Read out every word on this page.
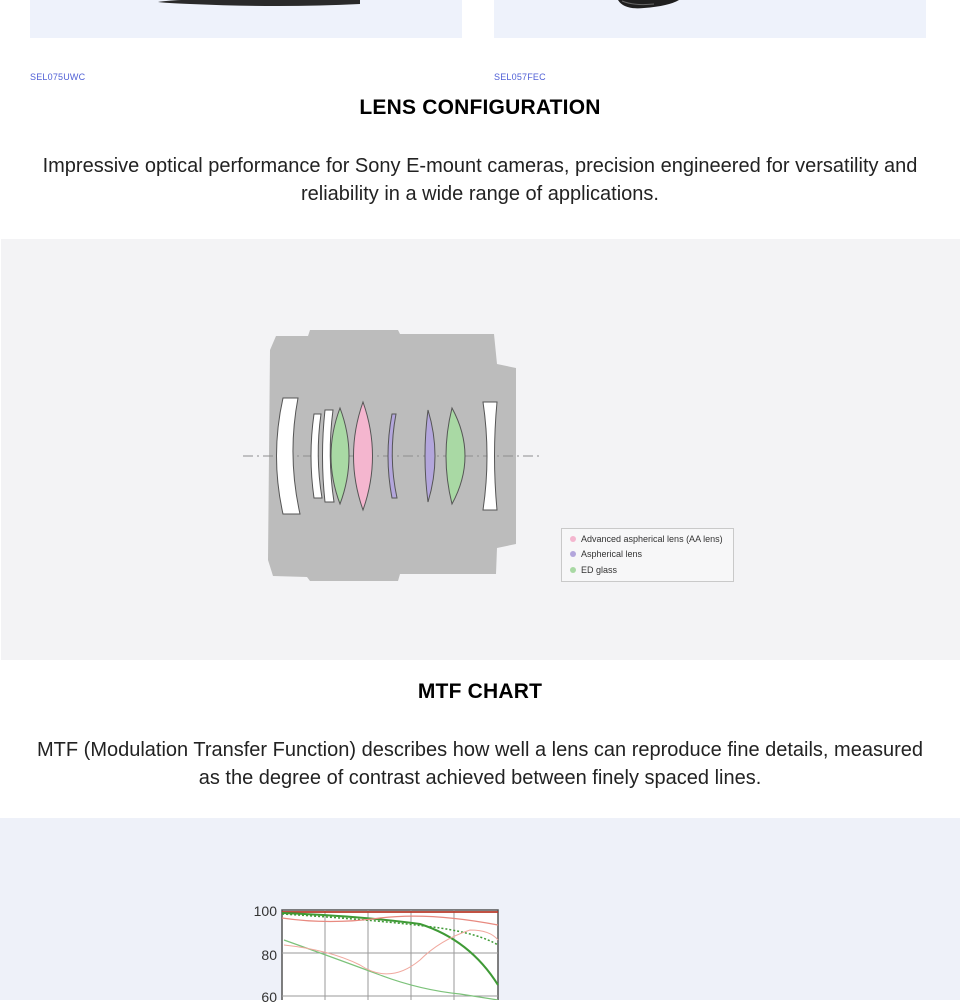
SEL075UWC	SEL057FEC
LENS CONFIGURATION
Impressive optical performance for Sony E-mount cameras, precision engineered for versatility and reliability in a wide range of applications.
Advanced aspherical lens (AA lens)
Aspherical lens
ED glass
MTF CHART
MTF (Modulation Transfer Function) describes how well a lens can reproduce fine details, measured as the degree of contrast achieved between finely spaced lines.
100
80
60
